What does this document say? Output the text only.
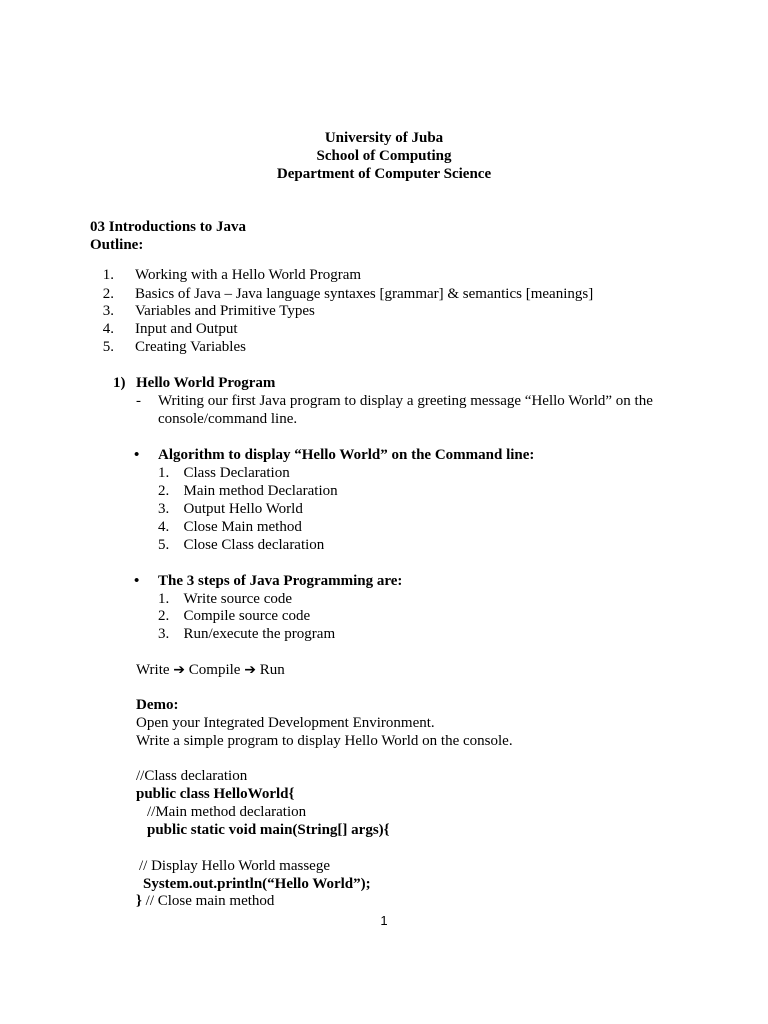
University of Juba
School of Computing
Department of Computer Science
03 Introductions to Java
Outline:
1. Working with a Hello World Program
2. Basics of Java – Java language syntaxes [grammar] & semantics [meanings]
3. Variables and Primitive Types
4. Input and Output
5. Creating Variables
1) Hello World Program
- Writing our first Java program to display a greeting message “Hello World” on the
console/command line.
• Algorithm to display “Hello World” on the Command line:
1. Class Declaration
2. Main method Declaration
3. Output Hello World
4. Close Main method
5. Close Class declaration
• The 3 steps of Java Programming are:
1. Write source code
2. Compile source code
3. Run/execute the program
Write ➔ Compile ➔ Run
Demo:
Open your Integrated Development Environment.
Write a simple program to display Hello World on the console.
//Class declaration
public class HelloWorld{
//Main method declaration
public static void main(String[] args){
// Display Hello World massege
System.out.println(“Hello World”);
} // Close main method
1
